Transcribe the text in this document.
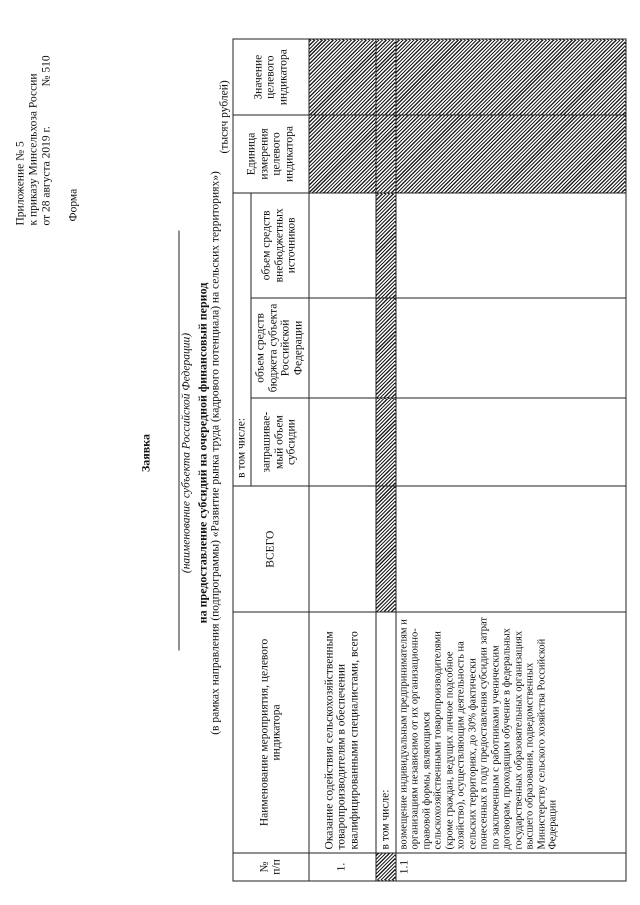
Приложение № 5 к приказу Минсельхоза России от 28 августа 2019 г.  № 510
Форма
Заявка (наименование субъекта Российской Федерации) на предоставление субсидий на очередной финансовый период (в рамках направления (подпрограммы) «Развитие рынка труда (кадрового потенциала) на сельских территориях»)
(тысяч рублей)
№ п/п	Наименование мероприятия, целевого индикатора	ВСЕГО	в том числе:			Единица измерения целевого индикатора	Значение целевого индикатора
			запрашивае-мый объем субсидии	объем средств бюджета субъекта Российской Федерации	объем средств внебюджетных источников		
1.	Оказание содействия сельскохозяйственным товаропроизводителям в обеспечении квалифицированными специалистами, всего						
	в том числе:						
1.1	возмещение индивидуальным предпринимателям и организациям независимо от их организационно-правовой формы, являющимся сельскохозяйственными товаропроизводителями (кроме граждан, ведущих личное подсобное хозяйство), осуществляющим деятельность на сельских территориях, до 30% фактически понесенных в году предоставления субсидии затрат по заключенным с работниками ученическим договорам, проходящим обучение в федеральных государственных образовательных организациях высшего образования, подведомственных Министерству сельского хозяйства Российской Федерации						
